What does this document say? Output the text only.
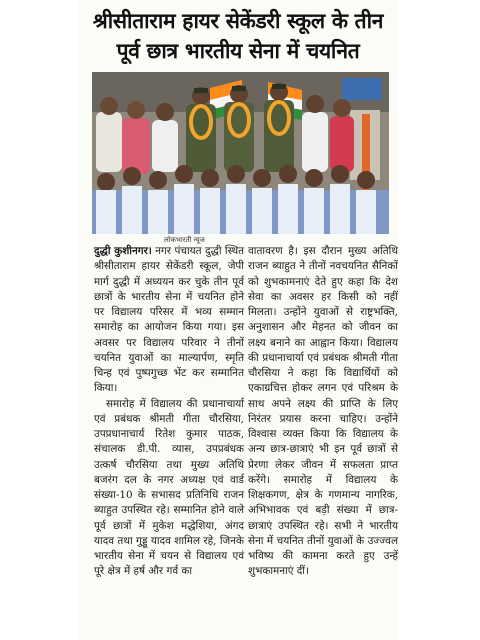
श्रीसीताराम हायर सेकेंडरी स्कूल के तीन पूर्व छात्र भारतीय सेना में चयनित
लोकभारती न्यूज

दुद्धी कुशीनगर। नगर पंचायत दुद्धी स्थित श्रीसीताराम हायर सेकेंडरी स्कूल, जेपी मार्ग दुद्धी में अध्ययन कर चुके तीन पूर्व छात्रों के भारतीय सेना में चयनित होने पर विद्यालय परिसर में भव्य सम्मान समारोह का आयोजन किया गया। इस अवसर पर विद्यालय परिवार ने तीनों चयनित युवाओं का माल्यार्पण, स्मृति चिन्ह एवं पुष्पगुच्छ भेंट कर सम्मानित किया।

समारोह में विद्यालय की प्रधानाचार्या एवं प्रबंधक श्रीमती गीता चौरसिया, उपप्रधानाचार्य रितेश कुमार पाठक, संचालक डी.पी. व्यास, उपप्रबंधक उत्कर्ष चौरसिया तथा मुख्य अतिथि बजरंग दल के नगर अध्यक्ष एवं वार्ड संख्या-10 के सभासद प्रतिनिधि राजन ब्याहुत उपस्थित रहे। सम्मानित होने वाले पूर्व छात्रों में मुकेश मद्धेशिया, अंगद यादव तथा गुड्डू यादव शामिल रहे, जिनके भारतीय सेना में चयन से विद्यालय एवं पूरे क्षेत्र में हर्ष और गर्व का

वातावरण है। इस दौरान मुख्य अतिथि राजन ब्याहुत ने तीनों नवचयनित सैनिकों को शुभकामनाएं देते हुए कहा कि देश सेवा का अवसर हर किसी को नहीं मिलता। उन्होंने युवाओं से राष्ट्रभक्ति, अनुशासन और मेहनत को जीवन का लक्ष्य बनाने का आह्वान किया। विद्यालय की प्रधानाचार्या एवं प्रबंधक श्रीमती गीता चौरसिया ने कहा कि विद्यार्थियों को एकाग्रचित्त होकर लगन एवं परिश्रम के साथ अपने लक्ष्य की प्राप्ति के लिए निरंतर प्रयास करना चाहिए। उन्होंने विश्वास व्यक्त किया कि विद्यालय के अन्य छात्र-छात्राएं भी इन पूर्व छात्रों से प्रेरणा लेकर जीवन में सफलता प्राप्त करेंगे। समारोह में विद्यालय के शिक्षकगण, क्षेत्र के गणमान्य नागरिक, अभिभावक एवं बड़ी संख्या में छात्र-छात्राएं उपस्थित रहे। सभी ने भारतीय सेना में चयनित तीनों युवाओं के उज्ज्वल भविष्य की कामना करते हुए उन्हें शुभकामनाएं दीं।
